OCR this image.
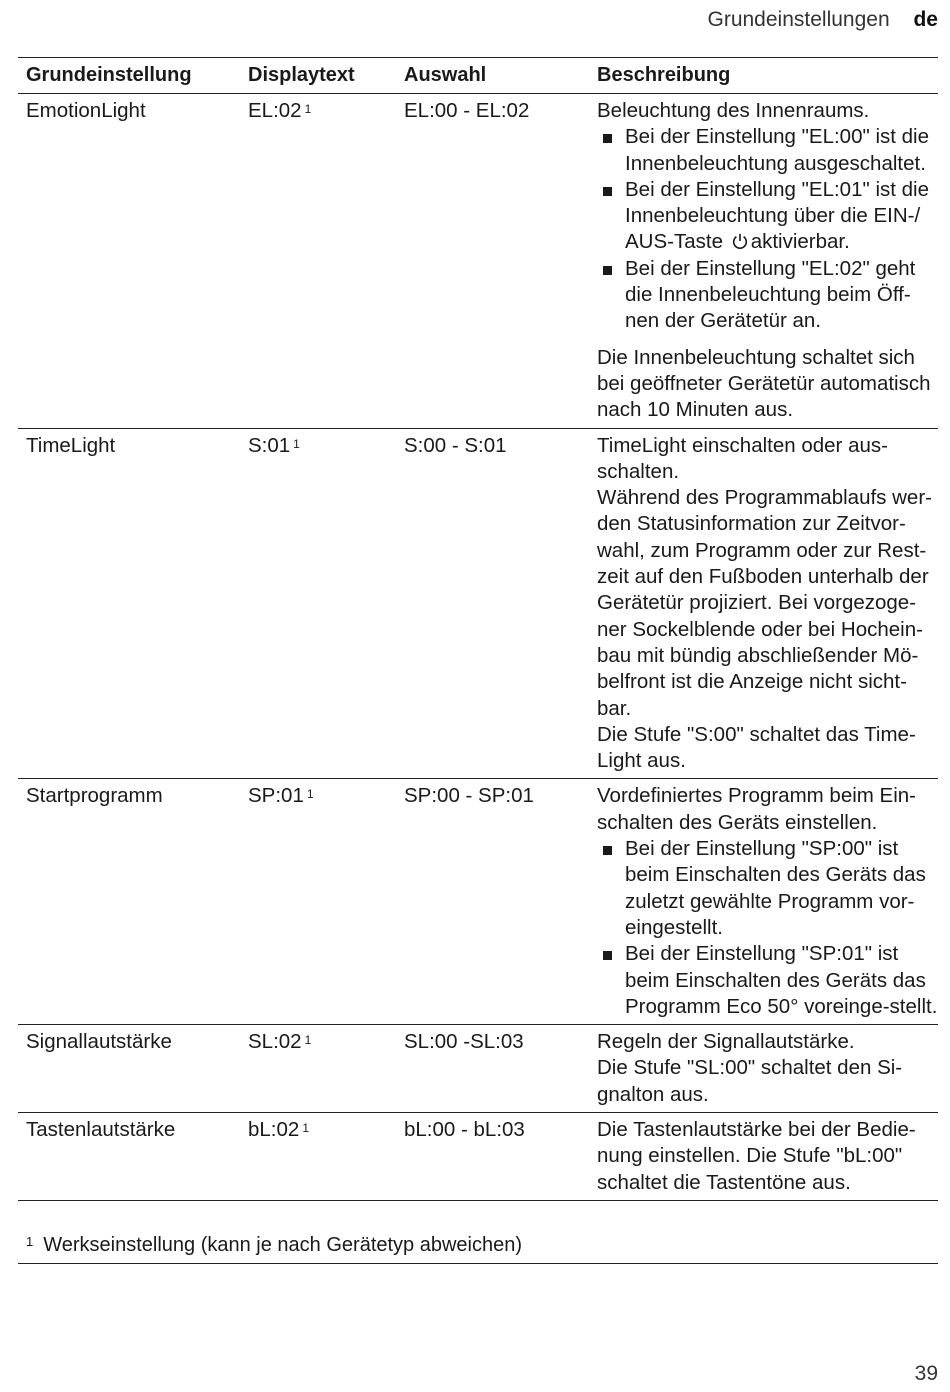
Grundeinstellungen de
Grundeinstellung	Displaytext	Auswahl	Beschreibung
EmotionLight	EL:02 $^1$	EL:00 - EL:02	Beleuchtung des Innenraums.

Bei der Einstellung "EL:00" ist die Innenbeleuchtung ausgeschaltet.
Bei der Einstellung "EL:01" ist die Innenbeleuchtung über die EIN-/ AUS-Taste aktivierbar.
Bei der Einstellung "EL:02" geht die Innenbeleuchtung beim Öff-nen der Gerätetür an.

Die Innenbeleuchtung schaltet sich bei geöffneter Gerätetür automatisch nach 10 Minuten aus.

TimeLight	S:01 $^1$	S:00 - S:01	TimeLight einschalten oder aus-schalten.

Während des Programmablaufs wer-den Statusinformation zur Zeitvor-wahl, zum Programm oder zur Rest-zeit auf den Fußboden unterhalb der Gerätetür projiziert. Bei vorgezoge-ner Sockelblende oder bei Hochein-bau mit bündig abschließender Mö-belfront ist die Anzeige nicht sicht-bar.

Die Stufe "S:00" schaltet das Time-Light aus.

Startprogramm	SP:01 $^1$	SP:00 - SP:01	Vordefiniertes Programm beim Ein-schalten des Geräts einstellen.

Bei der Einstellung "SP:00" ist beim Einschalten des Geräts das zuletzt gewählte Programm vor-eingestellt.
Bei der Einstellung "SP:01" ist beim Einschalten des Geräts das Programm Eco 50° voreinge-stellt.
Signallautstärke	SL:02 $^1$	SL:00 -SL:03	Regeln der Signallautstärke.

Die Stufe "SL:00" schaltet den Si-gnalton aus.

Tastenlautstärke	bL:02 $^1$	bL:00 - bL:03	Die Tastenlautstärke bei der Bedie-nung einstellen. Die Stufe "bL:00" schaltet die Tastentöne aus.

$^1$ Werkseinstellung (kann je nach Gerätetyp abweichen)
39
